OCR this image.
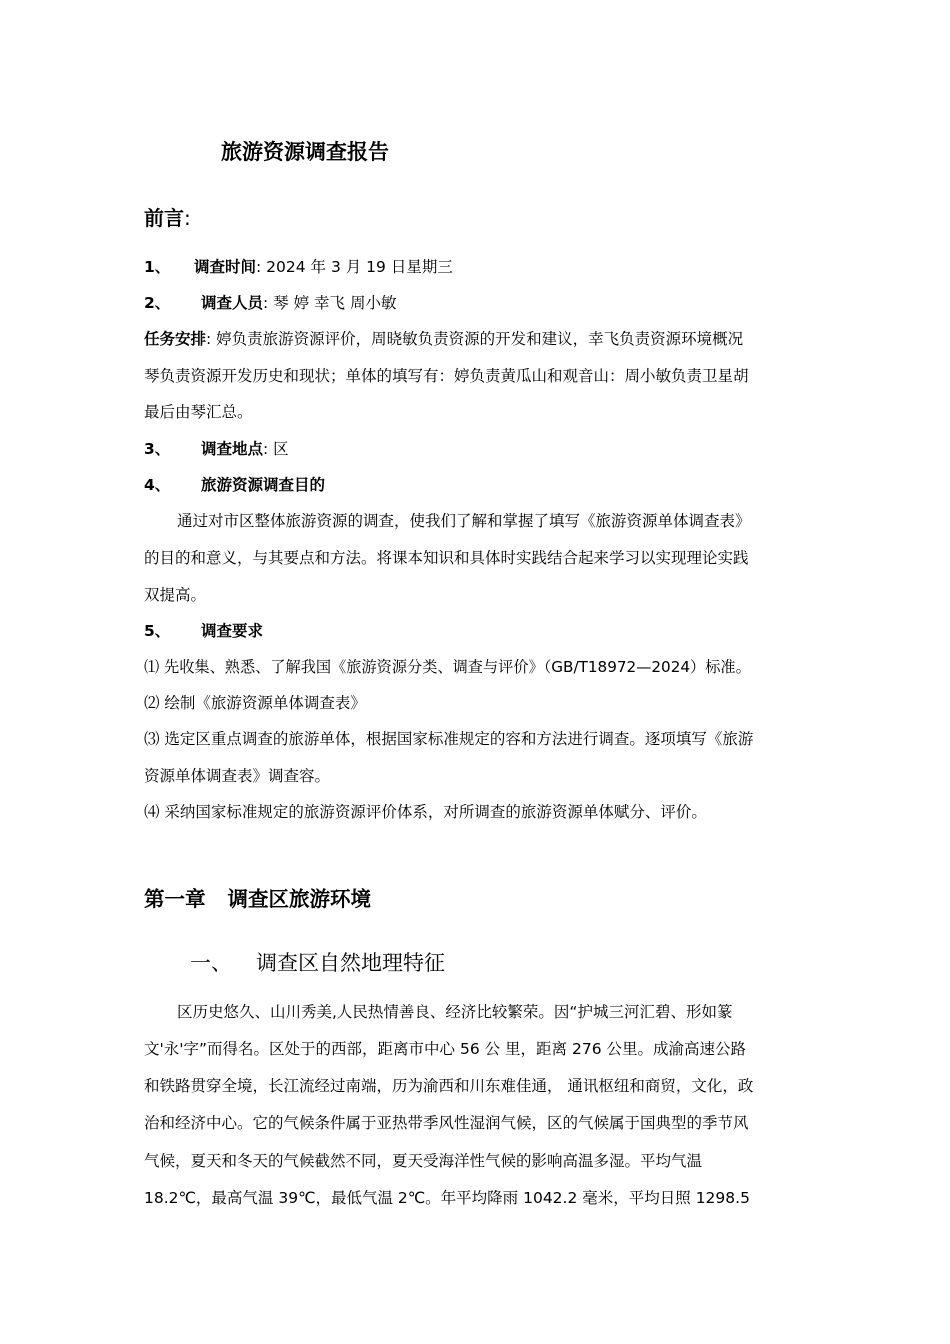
旅游资源调查报告
前言:
1、 调查时间: 2024 年 3 月 19 日星期三
2、 调查人员: 琴 婷 幸飞 周小敏
任务安排: 婷负责旅游资源评价，周晓敏负责资源的开发和建议，幸飞负责资源环境概况
琴负责资源开发历史和现状；单体的填写有：婷负责黄瓜山和观音山：周小敏负责卫星胡
最后由琴汇总。
3、 调查地点: 区
4、 旅游资源调查目的
通过对市区整体旅游资源的调查，使我们了解和掌握了填写《旅游资源单体调查表》
的目的和意义，与其要点和方法。将课本知识和具体时实践结合起来学习以实现理论实践
双提高。
5、 调查要求
⑴ 先收集、熟悉、了解我国《旅游资源分类、调查与评价》（GB/T18972—2024）标准。
⑵ 绘制《旅游资源单体调查表》
⑶ 选定区重点调查的旅游单体，根据国家标准规定的容和方法进行调查。逐项填写《旅游
资源单体调查表》调查容。
⑷ 采纳国家标准规定的旅游资源评价体系，对所调查的旅游资源单体赋分、评价。
第一章 调查区旅游环境
一、 调查区自然地理特征
区历史悠久、山川秀美,人民热情善良、经济比较繁荣。因“护城三河汇碧、形如篆
文'永'字”而得名。区处于的西部，距离市中心 56 公 里，距离 276 公里。成渝高速公路
和铁路贯穿全境，长江流经过南端，历为渝西和川东难佳通， 通讯枢纽和商贸，文化，政
治和经济中心。它的气候条件属于亚热带季风性湿润气候，区的气候属于国典型的季节风
气候，夏天和冬天的气候截然不同，夏天受海洋性气候的影响高温多湿。平均气温
18.2℃，最高气温 39℃，最低气温 2℃。年平均降雨 1042.2 毫米，平均日照 1298.5
